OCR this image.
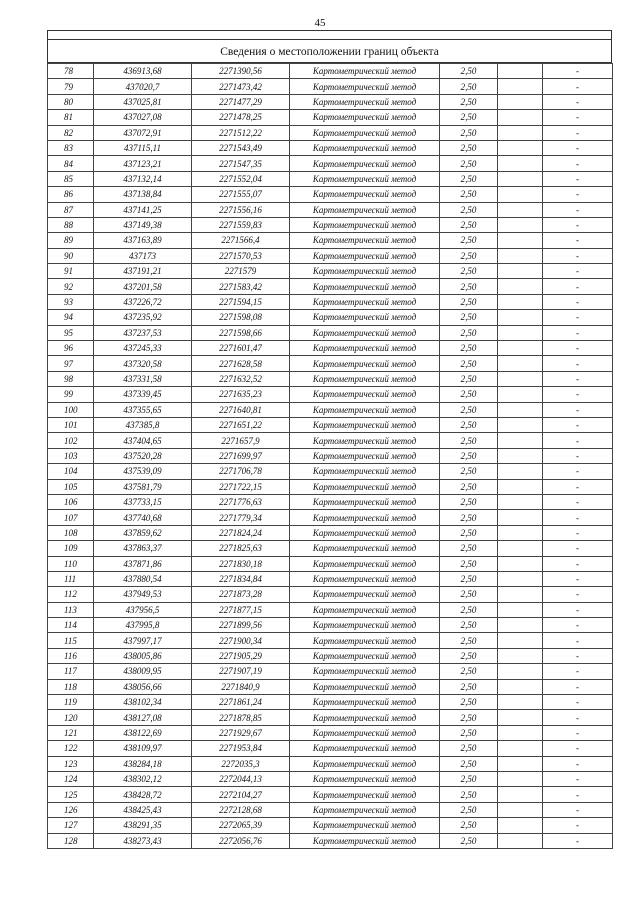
45
Сведения о местоположении границ объекта
78	436913,68	2271390,56	Картометрический метод	2,50		-
79	437020,7	2271473,42	Картометрический метод	2,50		-
80	437025,81	2271477,29	Картометрический метод	2,50		-
81	437027,08	2271478,25	Картометрический метод	2,50		-
82	437072,91	2271512,22	Картометрический метод	2,50		-
83	437115,11	2271543,49	Картометрический метод	2,50		-
84	437123,21	2271547,35	Картометрический метод	2,50		-
85	437132,14	2271552,04	Картометрический метод	2,50		-
86	437138,84	2271555,07	Картометрический метод	2,50		-
87	437141,25	2271556,16	Картометрический метод	2,50		-
88	437149,38	2271559,83	Картометрический метод	2,50		-
89	437163,89	2271566,4	Картометрический метод	2,50		-
90	437173	2271570,53	Картометрический метод	2,50		-
91	437191,21	2271579	Картометрический метод	2,50		-
92	437201,58	2271583,42	Картометрический метод	2,50		-
93	437226,72	2271594,15	Картометрический метод	2,50		-
94	437235,92	2271598,08	Картометрический метод	2,50		-
95	437237,53	2271598,66	Картометрический метод	2,50		-
96	437245,33	2271601,47	Картометрический метод	2,50		-
97	437320,58	2271628,58	Картометрический метод	2,50		-
98	437331,58	2271632,52	Картометрический метод	2,50		-
99	437339,45	2271635,23	Картометрический метод	2,50		-
100	437355,65	2271640,81	Картометрический метод	2,50		-
101	437385,8	2271651,22	Картометрический метод	2,50		-
102	437404,65	2271657,9	Картометрический метод	2,50		-
103	437520,28	2271699,97	Картометрический метод	2,50		-
104	437539,09	2271706,78	Картометрический метод	2,50		-
105	437581,79	2271722,15	Картометрический метод	2,50		-
106	437733,15	2271776,63	Картометрический метод	2,50		-
107	437740,68	2271779,34	Картометрический метод	2,50		-
108	437859,62	2271824,24	Картометрический метод	2,50		-
109	437863,37	2271825,63	Картометрический метод	2,50		-
110	437871,86	2271830,18	Картометрический метод	2,50		-
111	437880,54	2271834,84	Картометрический метод	2,50		-
112	437949,53	2271873,28	Картометрический метод	2,50		-
113	437956,5	2271877,15	Картометрический метод	2,50		-
114	437995,8	2271899,56	Картометрический метод	2,50		-
115	437997,17	2271900,34	Картометрический метод	2,50		-
116	438005,86	2271905,29	Картометрический метод	2,50		-
117	438009,95	2271907,19	Картометрический метод	2,50		-
118	438056,66	2271840,9	Картометрический метод	2,50		-
119	438102,34	2271861,24	Картометрический метод	2,50		-
120	438127,08	2271878,85	Картометрический метод	2,50		-
121	438122,69	2271929,67	Картометрический метод	2,50		-
122	438109,97	2271953,84	Картометрический метод	2,50		-
123	438284,18	2272035,3	Картометрический метод	2,50		-
124	438302,12	2272044,13	Картометрический метод	2,50		-
125	438428,72	2272104,27	Картометрический метод	2,50		-
126	438425,43	2272128,68	Картометрический метод	2,50		-
127	438291,35	2272065,39	Картометрический метод	2,50		-
128	438273,43	2272056,76	Картометрический метод	2,50		-
